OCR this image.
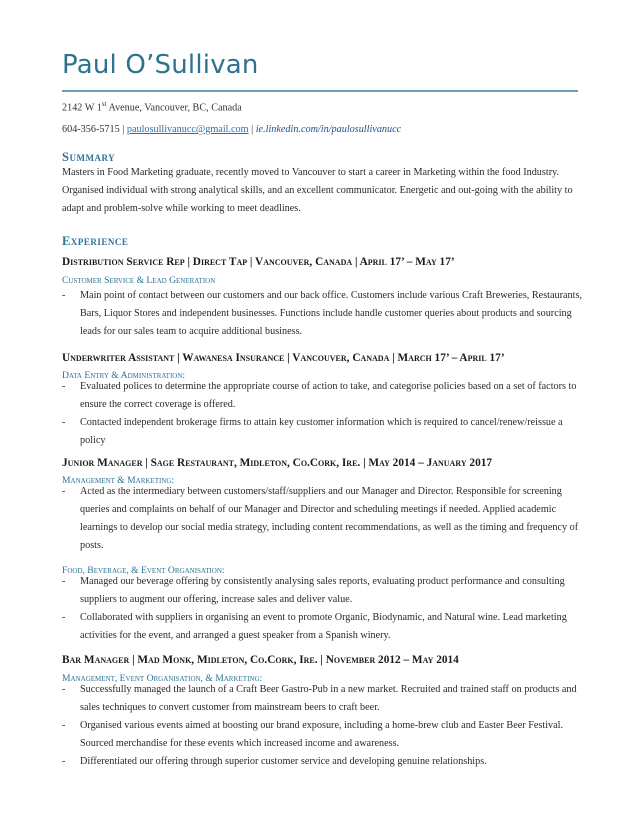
Paul O’Sullivan
2142 W 1st Avenue, Vancouver, BC, Canada
604-356-5715 | paulosullivanucc@gmail.com | ie.linkedin.com/in/paulosullivanucc
Summary

Masters in Food Marketing graduate, recently moved to Vancouver to start a career in Marketing within the food Industry. Organised individual with strong analytical skills, and an excellent communicator. Energetic and out-going with the ability to adapt and problem-solve while working to meet deadlines.

Experience
Distribution Service Rep | Direct Tap | Vancouver, Canada | April 17’ – May 17’
Customer Service & Lead Generation
- Main point of contact between our customers and our back office. Customers include various Craft Breweries, Restaurants, Bars, Liquor Stores and independent businesses. Functions include handle customer queries about products and sourcing leads for our sales team to acquire additional business.
Underwriter Assistant | Wawanesa Insurance | Vancouver, Canada | March 17’ – April 17’
Data Entry & Administration:
- Evaluated polices to determine the appropriate course of action to take, and categorise policies based on a set of factors to ensure the correct coverage is offered.
- Contacted independent brokerage firms to attain key customer information which is required to cancel/renew/reissue a policy
Junior Manager | Sage Restaurant, Midleton, Co.Cork, Ire. | May 2014 – January 2017
Management & Marketing:
- Acted as the intermediary between customers/staff/suppliers and our Manager and Director. Responsible for screening queries and complaints on behalf of our Manager and Director and scheduling meetings if needed. Applied academic learnings to develop our social media strategy, including content recommendations, as well as the timing and frequency of posts.
Food, Beverage, & Event Organisation:
- Managed our beverage offering by consistently analysing sales reports, evaluating product performance and consulting suppliers to augment our offering, increase sales and deliver value.
- Collaborated with suppliers in organising an event to promote Organic, Biodynamic, and Natural wine. Lead marketing activities for the event, and arranged a guest speaker from a Spanish winery.
Bar Manager | Mad Monk, Midleton, Co.Cork, Ire. | November 2012 – May 2014
Management, Event Organisation, & Marketing:
- Successfully managed the launch of a Craft Beer Gastro-Pub in a new market. Recruited and trained staff on products and sales techniques to convert customer from mainstream beers to craft beer.
- Organised various events aimed at boosting our brand exposure, including a home-brew club and Easter Beer Festival. Sourced merchandise for these events which increased income and awareness.
- Differentiated our offering through superior customer service and developing genuine relationships.
